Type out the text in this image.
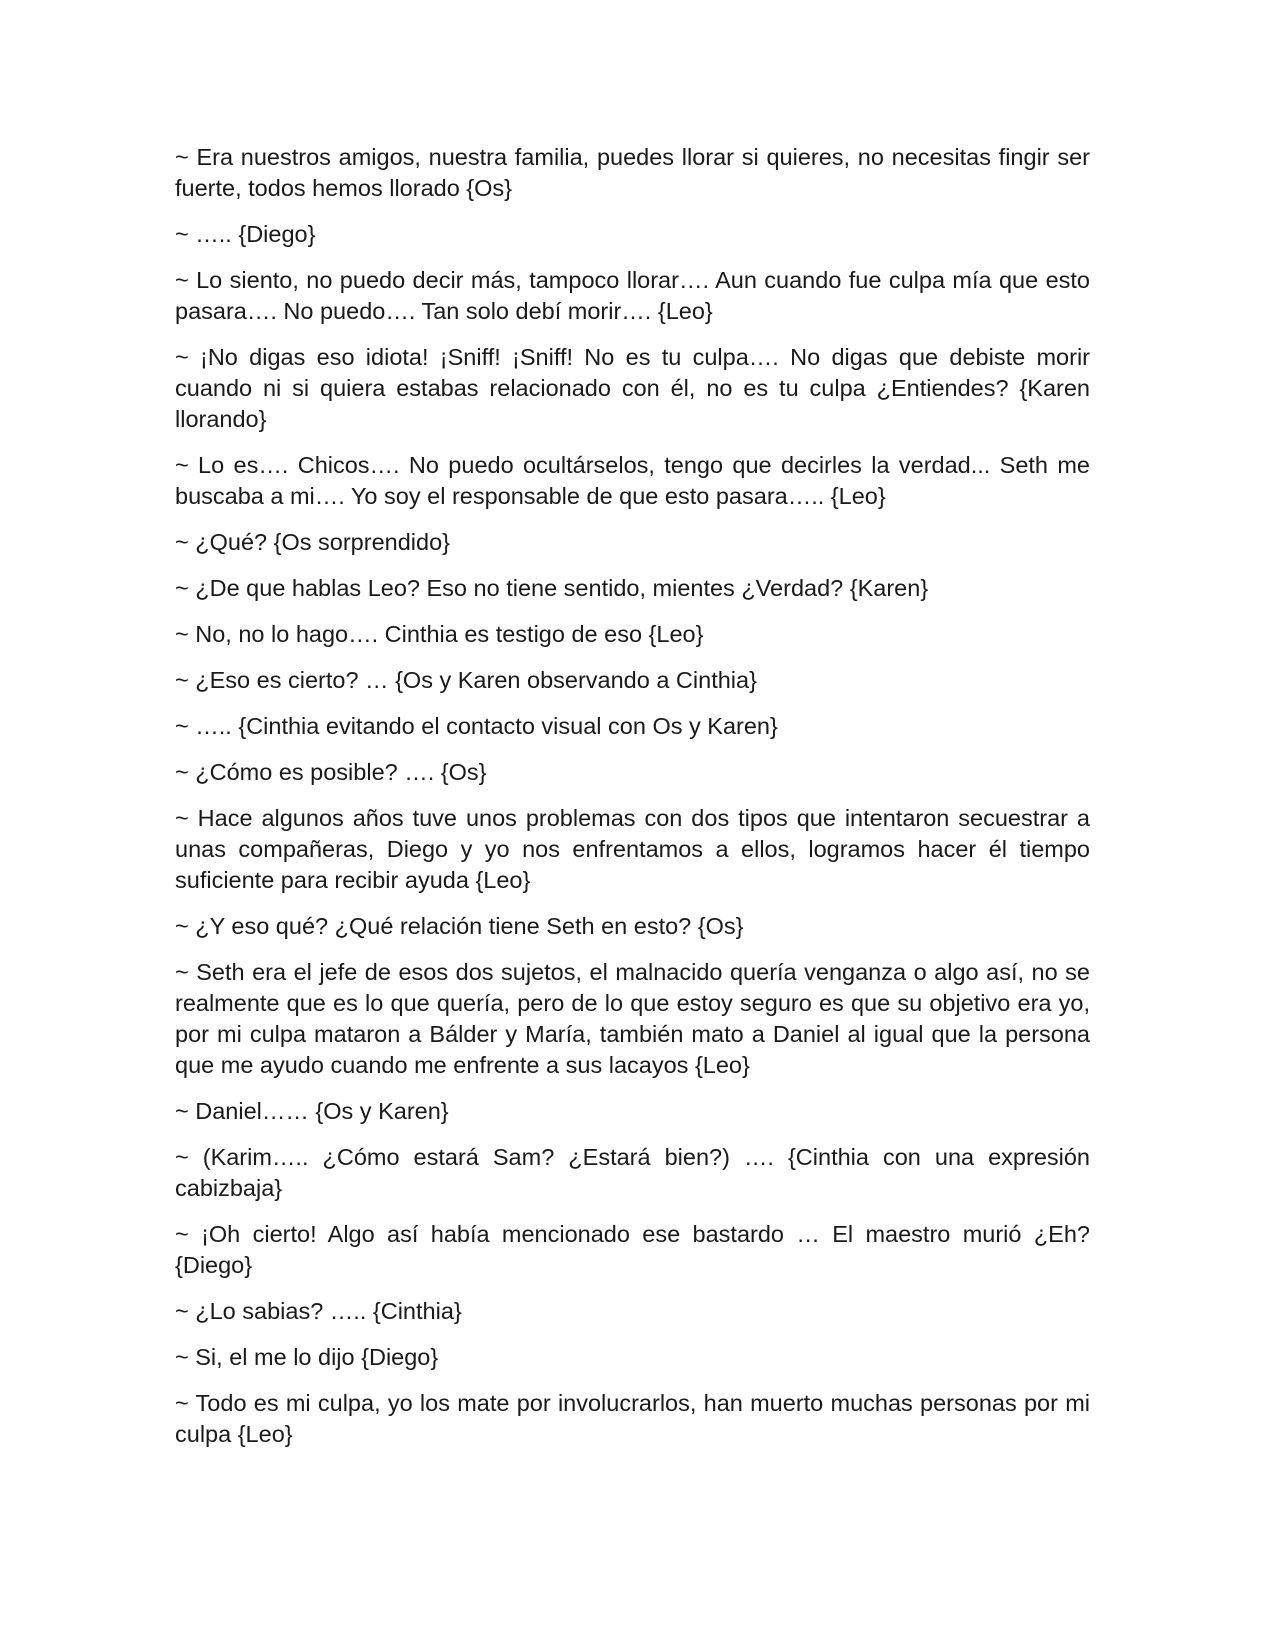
~ Era nuestros amigos, nuestra familia, puedes llorar si quieres, no necesitas fingir ser fuerte, todos hemos llorado {Os}

~ ….. {Diego}

~ Lo siento, no puedo decir más, tampoco llorar…. Aun cuando fue culpa mía que esto pasara…. No puedo…. Tan solo debí morir…. {Leo}

~ ¡No digas eso idiota! ¡Sniff! ¡Sniff! No es tu culpa…. No digas que debiste morir cuando ni si quiera estabas relacionado con él, no es tu culpa ¿Entiendes? {Karen llorando}

~ Lo es…. Chicos…. No puedo ocultárselos, tengo que decirles la verdad... Seth me buscaba a mi…. Yo soy el responsable de que esto pasara….. {Leo}

~ ¿Qué? {Os sorprendido}

~ ¿De que hablas Leo? Eso no tiene sentido, mientes ¿Verdad? {Karen}

~ No, no lo hago…. Cinthia es testigo de eso {Leo}

~ ¿Eso es cierto? … {Os y Karen observando a Cinthia}

~ ….. {Cinthia evitando el contacto visual con Os y Karen}

~ ¿Cómo es posible? …. {Os}

~ Hace algunos años tuve unos problemas con dos tipos que intentaron secuestrar a unas compañeras, Diego y yo nos enfrentamos a ellos, logramos hacer él tiempo suficiente para recibir ayuda {Leo}

~ ¿Y eso qué? ¿Qué relación tiene Seth en esto? {Os}

~ Seth era el jefe de esos dos sujetos, el malnacido quería venganza o algo así, no se realmente que es lo que quería, pero de lo que estoy seguro es que su objetivo era yo, por mi culpa mataron a Bálder y María, también mato a Daniel al igual que la persona que me ayudo cuando me enfrente a sus lacayos {Leo}

~ Daniel…… {Os y Karen}

~ (Karim….. ¿Cómo estará Sam? ¿Estará bien?) …. {Cinthia con una expresión cabizbaja}

~ ¡Oh cierto! Algo así había mencionado ese bastardo … El maestro murió ¿Eh? {Diego}

~ ¿Lo sabias? ….. {Cinthia}

~ Si, el me lo dijo {Diego}

~ Todo es mi culpa, yo los mate por involucrarlos, han muerto muchas personas por mi culpa {Leo}
